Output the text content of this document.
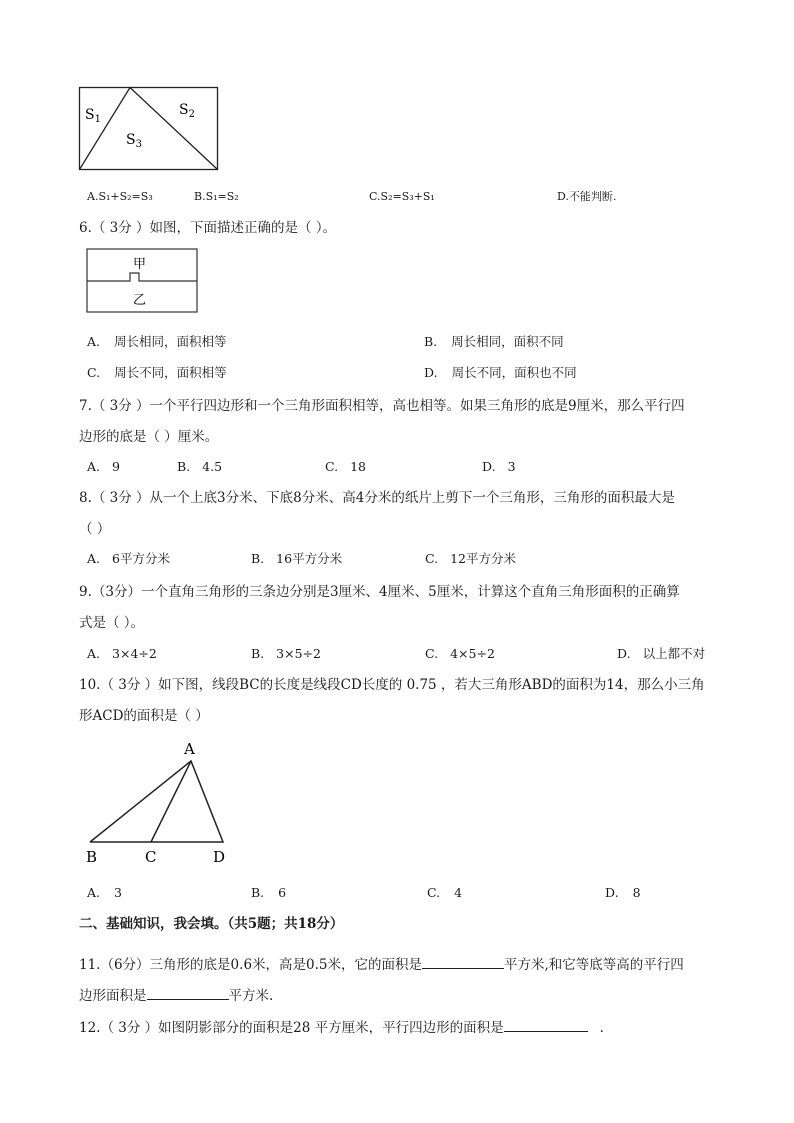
$S_1$
$S_2$
$S_3$
A.S₁+S₂=S₃	B.S₁=S₂	C.S₂=S₃+S₁	D.不能判断.
6.（ 3分 ）如图，下面描述正确的是（ ）。
甲
乙
A. 周长相同，面积相等	B. 周长相同，面积不同
C. 周长不同，面积相等	D. 周长不同，面积也不同
7.（ 3分 ）一个平行四边形和一个三角形面积相等，高也相等。如果三角形的底是9厘米，那么平行四
边形的底是（ ）厘米。
A. 9	B. 4.5	C. 18	D. 3
8.（ 3分 ）从一个上底3分米、下底8分米、高4分米的纸片上剪下一个三角形，三角形的面积最大是
（ ）
A. 6平方分米	B. 16平方分米	C. 12平方分米
9.（3分）一个直角三角形的三条边分别是3厘米、4厘米、5厘米，计算这个直角三角形面积的正确算
式是（ ）。
A. 3×4÷2	B. 3×5÷2	C. 4×5÷2	D. 以上都不对
10.（ 3分 ）如下图，线段BC的长度是线段CD长度的 0.75 ，若大三角形ABD的面积为14，那么小三角
形ACD的面积是（ ）
A
B	C	D
A. 3	B. 6	C. 4	D. 8
二、基础知识，我会填。（共5题；共18分）
11.（6分）三角形的底是0.6米，高是0.5米，它的面积是	平方米,和它等底等高的平行四
边形面积是	平方米.
12.（ 3分 ）如图阴影部分的面积是28 平方厘米，平行四边形的面积是	.
